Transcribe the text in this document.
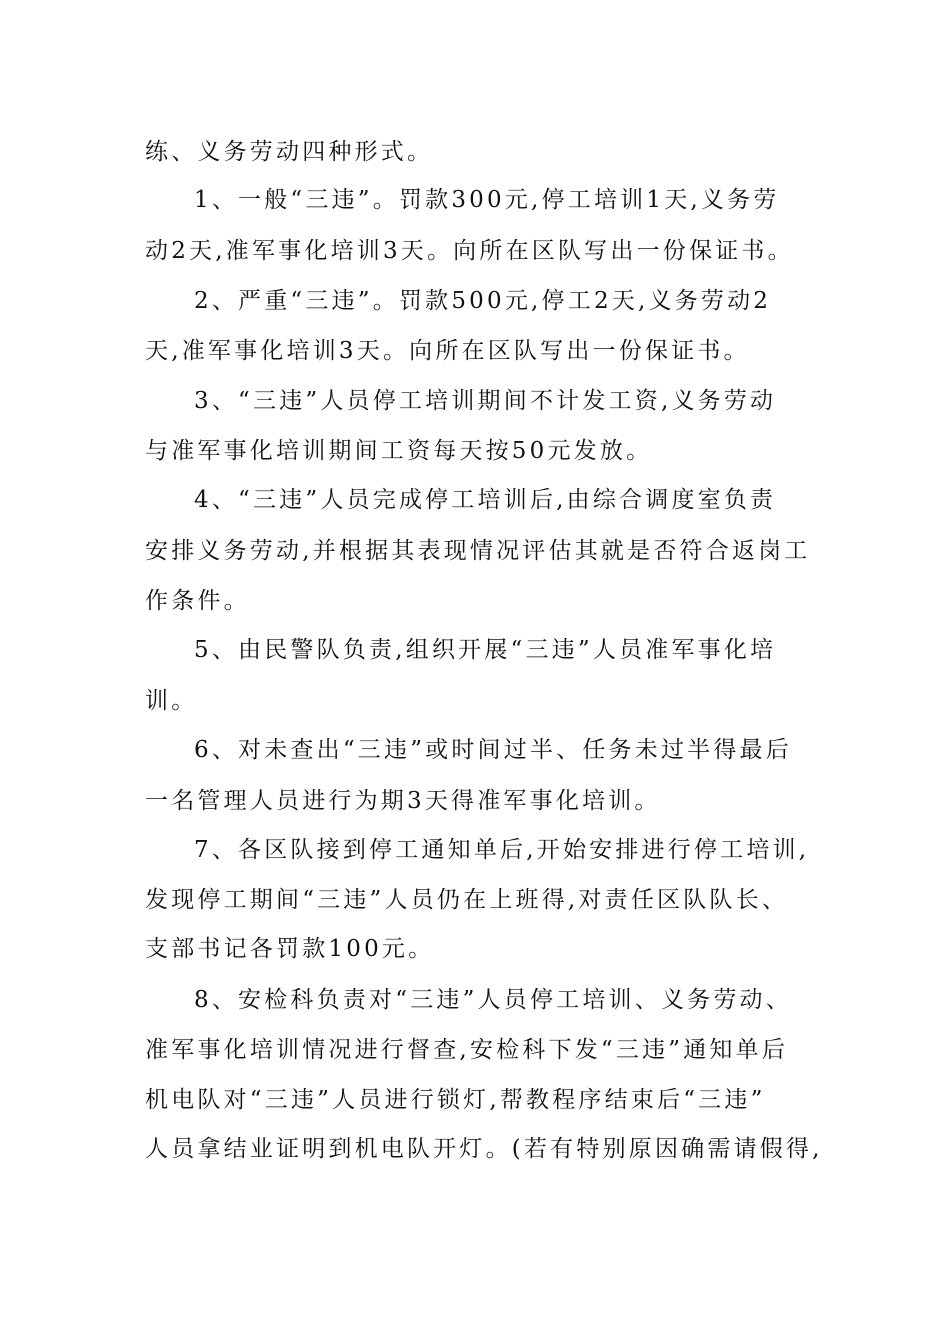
练、义务劳动四种形式。
1、一般“三违”。罚款300元,停工培训1天,义务劳
动2天,准军事化培训3天。向所在区队写出一份保证书。
2、严重“三违”。罚款500元,停工2天,义务劳动2
天,准军事化培训3天。向所在区队写出一份保证书。
3、“三违”人员停工培训期间不计发工资,义务劳动
与准军事化培训期间工资每天按50元发放。
4、“三违”人员完成停工培训后,由综合调度室负责
安排义务劳动,并根据其表现情况评估其就是否符合返岗工
作条件。
5、由民警队负责,组织开展“三违”人员准军事化培
训。
6、对未查出“三违”或时间过半、任务未过半得最后
一名管理人员进行为期3天得准军事化培训。
7、各区队接到停工通知单后,开始安排进行停工培训,
发现停工期间“三违”人员仍在上班得,对责任区队队长、
支部书记各罚款100元。
8、安检科负责对“三违”人员停工培训、义务劳动、
准军事化培训情况进行督查,安检科下发“三违”通知单后
机电队对“三违”人员进行锁灯,帮教程序结束后“三违”
人员拿结业证明到机电队开灯。(若有特别原因确需请假得,
